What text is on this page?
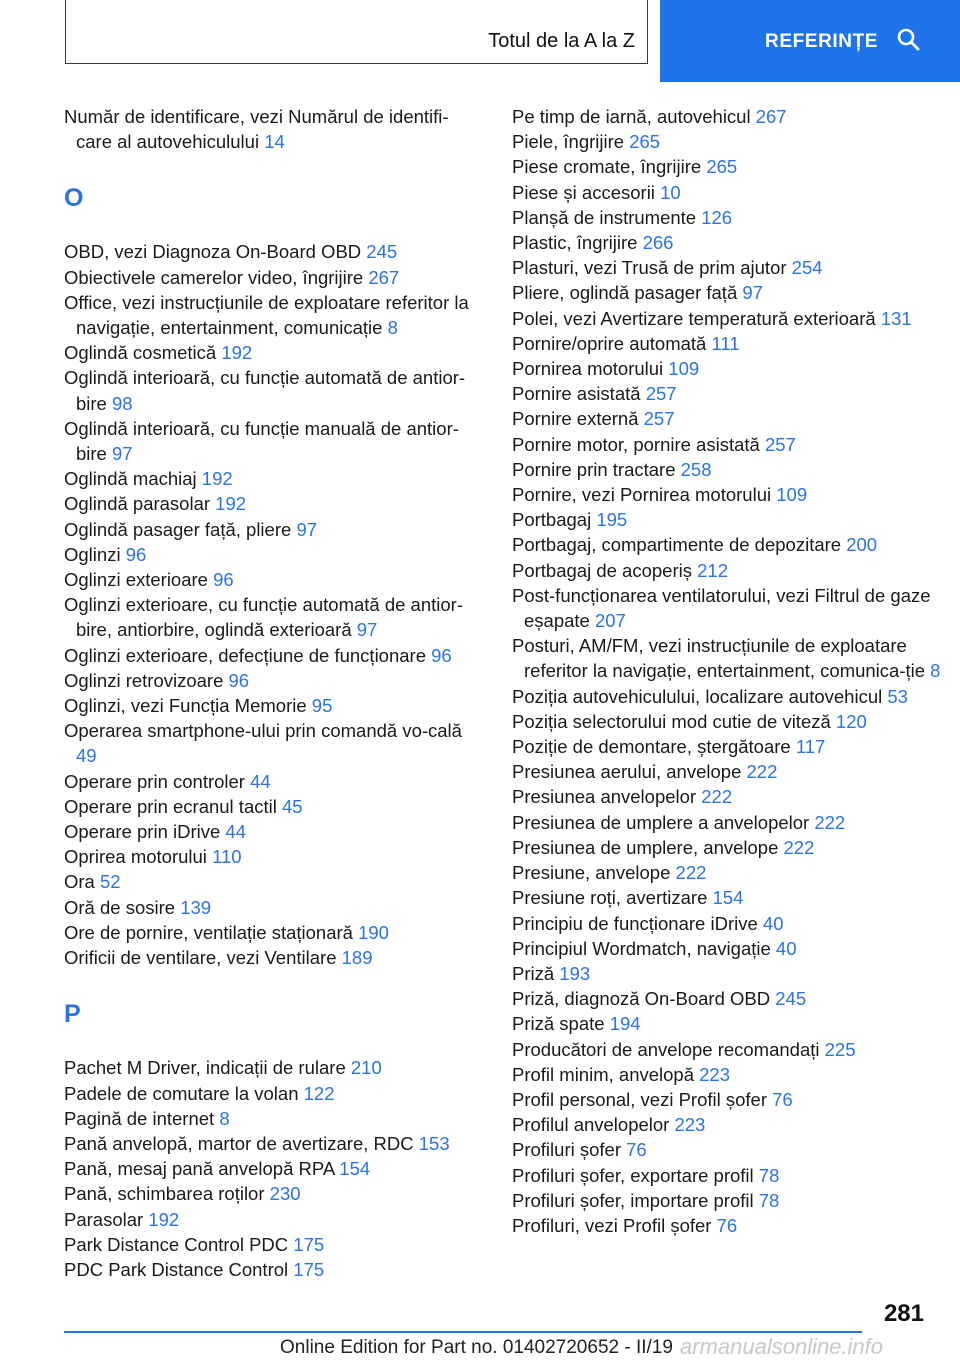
Totul de la A la Z	REFERINȚE
Număr de identificare, vezi Numărul de identifi-care al autovehiculului 14
O
OBD, vezi Diagnoza On-Board OBD 245
Obiectivele camerelor video, îngrijire 267
Office, vezi instrucțiunile de exploatare referitor la navigație, entertainment, comunicație 8
Oglindă cosmetică 192
Oglindă interioară, cu funcție automată de antior-bire 98
Oglindă interioară, cu funcție manuală de antior-bire 97
Oglindă machiaj 192
Oglindă parasolar 192
Oglindă pasager față, pliere 97
Oglinzi 96
Oglinzi exterioare 96
Oglinzi exterioare, cu funcție automată de antior-bire, antiorbire, oglindă exterioară 97
Oglinzi exterioare, defecțiune de funcționare 96
Oglinzi retrovizoare 96
Oglinzi, vezi Funcția Memorie 95
Operarea smartphone-ului prin comandă vo-cală 49
Operare prin controler 44
Operare prin ecranul tactil 45
Operare prin iDrive 44
Oprirea motorului 110
Ora 52
Oră de sosire 139
Ore de pornire, ventilație staționară 190
Orificii de ventilare, vezi Ventilare 189
P
Pachet M Driver, indicații de rulare 210
Padele de comutare la volan 122
Pagină de internet 8
Pană anvelopă, martor de avertizare, RDC 153
Pană, mesaj pană anvelopă RPA 154
Pană, schimbarea roților 230
Parasolar 192
Park Distance Control PDC 175
PDC Park Distance Control 175
Pe timp de iarnă, autovehicul 267
Piele, îngrijire 265
Piese cromate, îngrijire 265
Piese și accesorii 10
Planșă de instrumente 126
Plastic, îngrijire 266
Plasturi, vezi Trusă de prim ajutor 254
Pliere, oglindă pasager față 97
Polei, vezi Avertizare temperatură exterioară 131
Pornire/oprire automată 111
Pornirea motorului 109
Pornire asistată 257
Pornire externă 257
Pornire motor, pornire asistată 257
Pornire prin tractare 258
Pornire, vezi Pornirea motorului 109
Portbagaj 195
Portbagaj, compartimente de depozitare 200
Portbagaj de acoperiș 212
Post-funcționarea ventilatorului, vezi Filtrul de gaze eșapate 207
Posturi, AM/FM, vezi instrucțiunile de exploatare referitor la navigație, entertainment, comunica-ție 8
Poziția autovehiculului, localizare autovehicul 53
Poziția selectorului mod cutie de viteză 120
Poziție de demontare, ștergătoare 117
Presiunea aerului, anvelope 222
Presiunea anvelopelor 222
Presiunea de umplere a anvelopelor 222
Presiunea de umplere, anvelope 222
Presiune, anvelope 222
Presiune roți, avertizare 154
Principiu de funcționare iDrive 40
Principiul Wordmatch, navigație 40
Priză 193
Priză, diagnoză On-Board OBD 245
Priză spate 194
Producători de anvelope recomandați 225
Profil minim, anvelopă 223
Profil personal, vezi Profil șofer 76
Profilul anvelopelor 223
Profiluri șofer 76
Profiluri șofer, exportare profil 78
Profiluri șofer, importare profil 78
Profiluri, vezi Profil șofer 76
281
Online Edition for Part no. 01402720652 - II/19 armanualsonline.info
